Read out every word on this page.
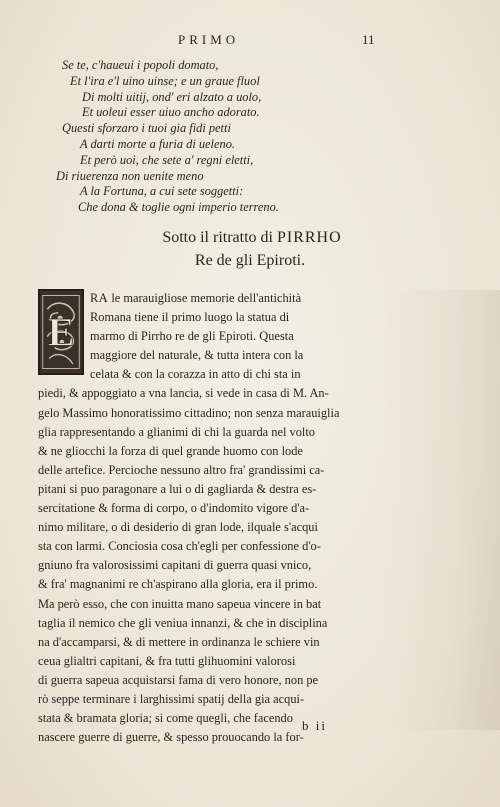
PRIMO	11
Se te, c'haueui i popoli domato,
Et l'ira e'l uino uinse; e un graue fluol
Di molti uitij, ond' eri alzato a uolo,
Et uoleui esser uiuo ancho adorato.
Questi sforzaro i tuoi gia fidi petti
A darti morte a furia di ueleno.
Et però uoi, che sete a' regni eletti,
Di riuerenza non uenite meno
A la Fortuna, a cui sete soggetti:
Che dona & toglie ogni imperio terreno.
Sotto il ritratto di PIRRHO
Re de gli Epiroti.
E
RA le marauigliose memorie dell'antichità
Romana tiene il primo luogo la statua di
marmo di Pirrho re de gli Epiroti. Questa
maggiore del naturale, & tutta intera con la
celata & con la corazza in atto di chi sta in
piedi, & appoggiato a vna lancia, si vede in casa di M. An-
gelo Massimo honoratissimo cittadino; non senza marauiglia
glia rappresentando a glianimi di chi la guarda nel volto
& ne gliocchi la forza di quel grande huomo con lode
delle artefice. Percioche nessuno altro fra' grandissimi ca-
pitani si puo paragonare a lui o di gagliarda & destra es-
sercitatione & forma di corpo, o d'indomito vigore d'a-
nimo militare, o di desiderio di gran lode, ilquale s'acqui
sta con larmi. Conciosia cosa ch'egli per confessione d'o-
gniuno fra valorosissimi capitani di guerra quasi vnico,
& fra' magnanimi re ch'aspirano alla gloria, era il primo.
Ma però esso, che con inuitta mano sapeua vincere in bat
taglia il nemico che gli veniua innanzi, & che in disciplina
na d'accamparsi, & di mettere in ordinanza le schiere vin
ceua glialtri capitani, & fra tutti glihuomini valorosi
di guerra sapeua acquistarsi fama di vero honore, non pe
rò seppe terminare i larghissimi spatij della gia acqui-
stata & bramata gloria; si come quegli, che facendo
nascere guerre di guerre, & spesso prouocando la for-
b ii
